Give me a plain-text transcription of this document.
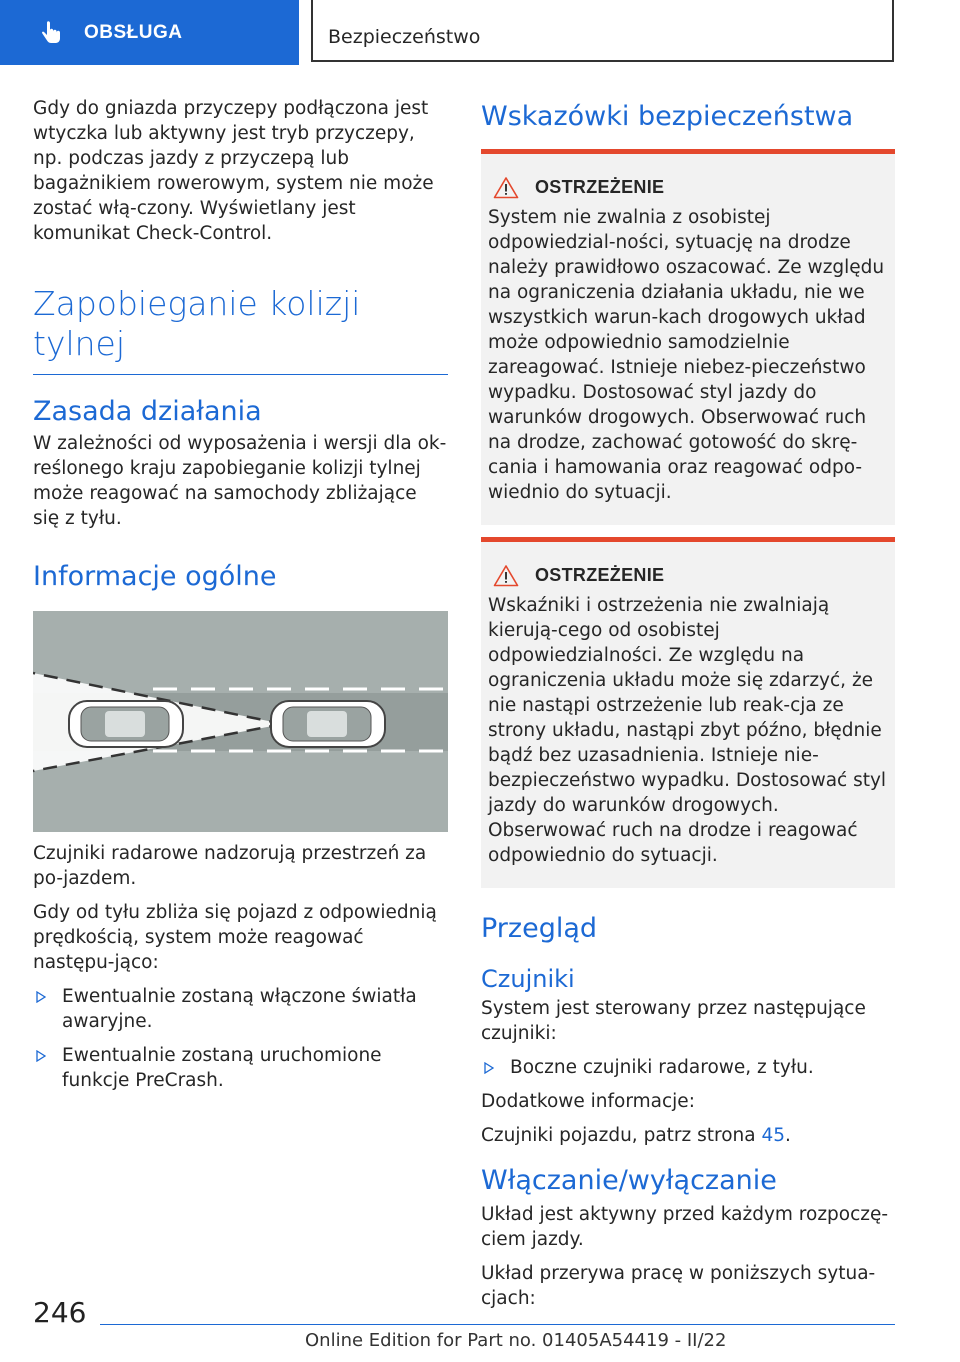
OBSŁUGA	Bezpieczeństwo

Gdy do gniazda przyczepy podłączona jest wtyczka lub aktywny jest tryb przyczepy, np. podczas jazdy z przyczepą lub bagażnikiem rowerowym, system nie może zostać włą-czony. Wyświetlany jest komunikat Check-Control.

Zapobieganie kolizji tylnej
Zasada działania

W zależności od wyposażenia i wersji dla ok-reślonego kraju zapobieganie kolizji tylnej może reagować na samochody zbliżające się z tyłu.

Informacje ogólne

Czujniki radarowe nadzorują przestrzeń za po-jazdem.

Gdy od tyłu zbliża się pojazd z odpowiednią prędkością, system może reagować następu-jąco:

Ewentualnie zostaną włączone światła awaryjne.
Ewentualnie zostaną uruchomione funkcje PreCrash.
Wskazówki bezpieczeństwa
OSTRZEŻENIE

System nie zwalnia z osobistej odpowiedzial-ności, sytuację na drodze należy prawidłowo oszacować. Ze względu na ograniczenia działania układu, nie we wszystkich warun-kach drogowych układ może odpowiednio samodzielnie zareagować. Istnieje niebez-pieczeństwo wypadku. Dostosować styl jazdy do warunków drogowych. Obserwować ruch na drodze, zachować gotowość do skrę-cania i hamowania oraz reagować odpo-wiednio do sytuacji.

OSTRZEŻENIE

Wskaźniki i ostrzeżenia nie zwalniają kierują-cego od osobistej odpowiedzialności. Ze względu na ograniczenia układu może się zdarzyć, że nie nastąpi ostrzeżenie lub reak-cja ze strony układu, nastąpi zbyt późno, błędnie bądź bez uzasadnienia. Istnieje nie-bezpieczeństwo wypadku. Dostosować styl jazdy do warunków drogowych. Obserwować ruch na drodze i reagować odpowiednio do sytuacji.

Przegląd
Czujniki

System jest sterowany przez następujące czujniki:

Boczne czujniki radarowe, z tyłu.

Dodatkowe informacje:

Czujniki pojazdu, patrz strona 45.

Włączanie/wyłączanie

Układ jest aktywny przed każdym rozpoczę-ciem jazdy.

Układ przerywa pracę w poniższych sytua-cjach:

246
Online Edition for Part no. 01405A54419 - II/22
